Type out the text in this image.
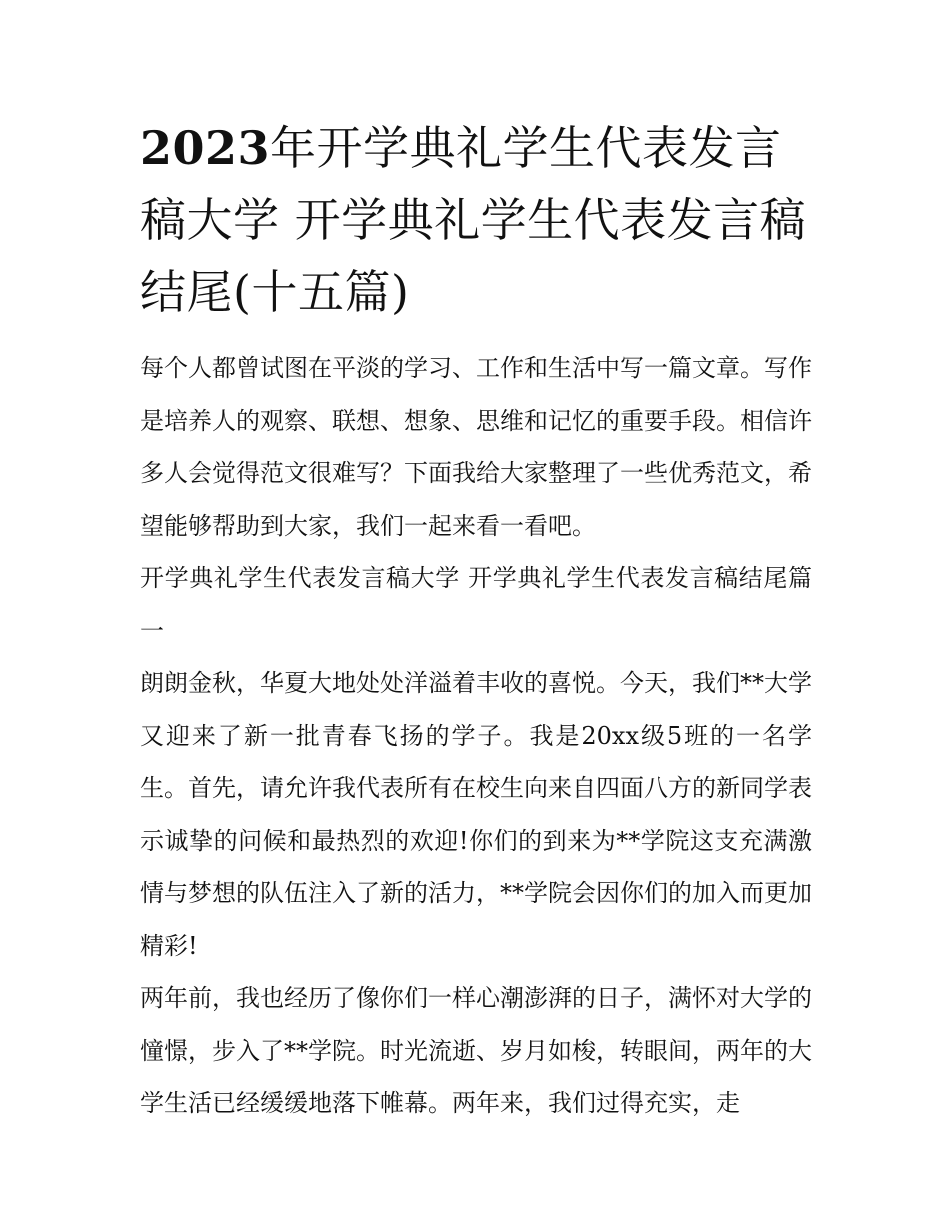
2023年开学典礼学生代表发言稿大学 开学典礼学生代表发言稿结尾(十五篇)

每个人都曾试图在平淡的学习、工作和生活中写一篇文章。写作是培养人的观察、联想、想象、思维和记忆的重要手段。相信许多人会觉得范文很难写？下面我给大家整理了一些优秀范文，希望能够帮助到大家，我们一起来看一看吧。

开学典礼学生代表发言稿大学 开学典礼学生代表发言稿结尾篇一

朗朗金秋，华夏大地处处洋溢着丰收的喜悦。今天，我们**大学又迎来了新一批青春飞扬的学子。我是20xx级5班的一名学生。首先，请允许我代表所有在校生向来自四面八方的新同学表示诚挚的问候和最热烈的欢迎!你们的到来为**学院这支充满激情与梦想的队伍注入了新的活力，**学院会因你们的加入而更加精彩!

两年前，我也经历了像你们一样心潮澎湃的日子，满怀对大学的憧憬，步入了**学院。时光流逝、岁月如梭，转眼间，两年的大学生活已经缓缓地落下帷幕。两年来，我们过得充实，走
